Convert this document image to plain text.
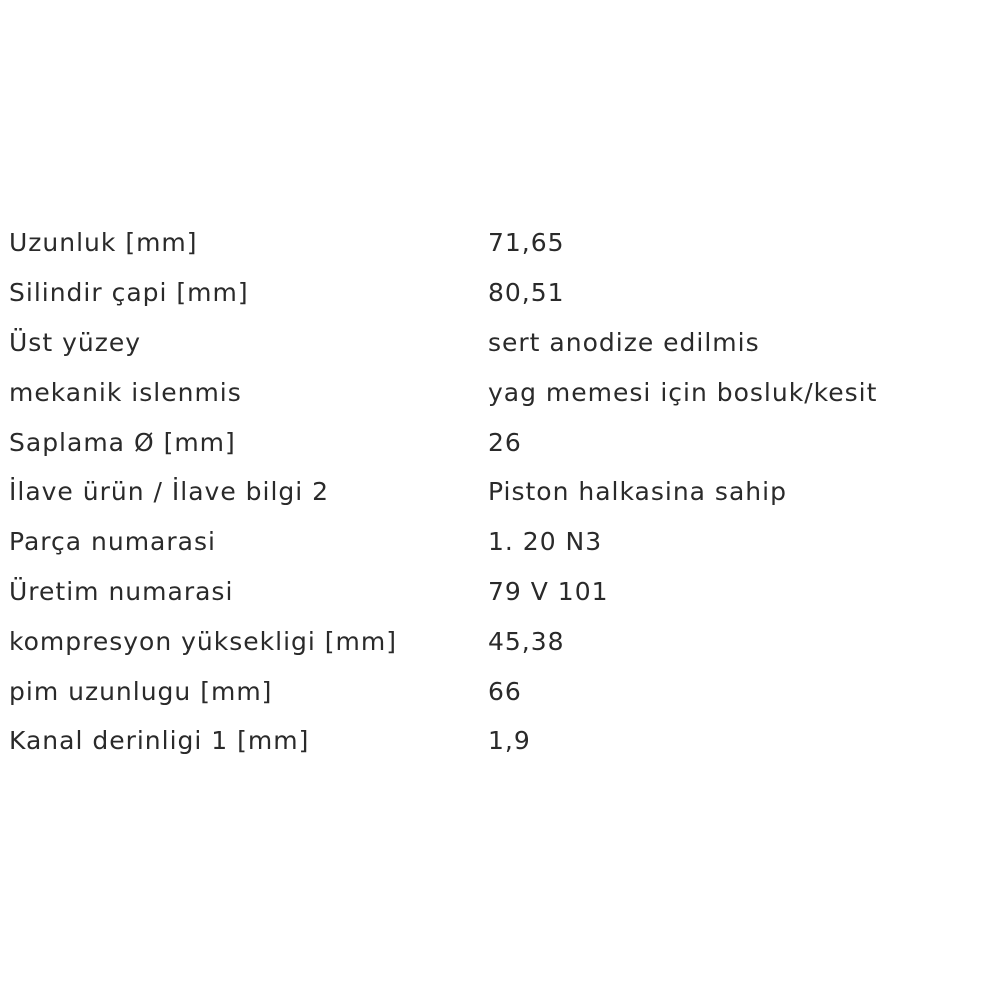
Uzunluk [mm]	71,65
Silindir çapi [mm]	80,51
Üst yüzey	sert anodize edilmis
mekanik islenmis	yag memesi için bosluk/kesit
Saplama Ø [mm]	26
İlave ürün / İlave bilgi 2	Piston halkasina sahip
Parça numarasi	1. 20 N3
Üretim numarasi	79 V 101
kompresyon yüksekligi [mm]	45,38
pim uzunlugu [mm]	66
Kanal derinligi 1 [mm]	1,9
